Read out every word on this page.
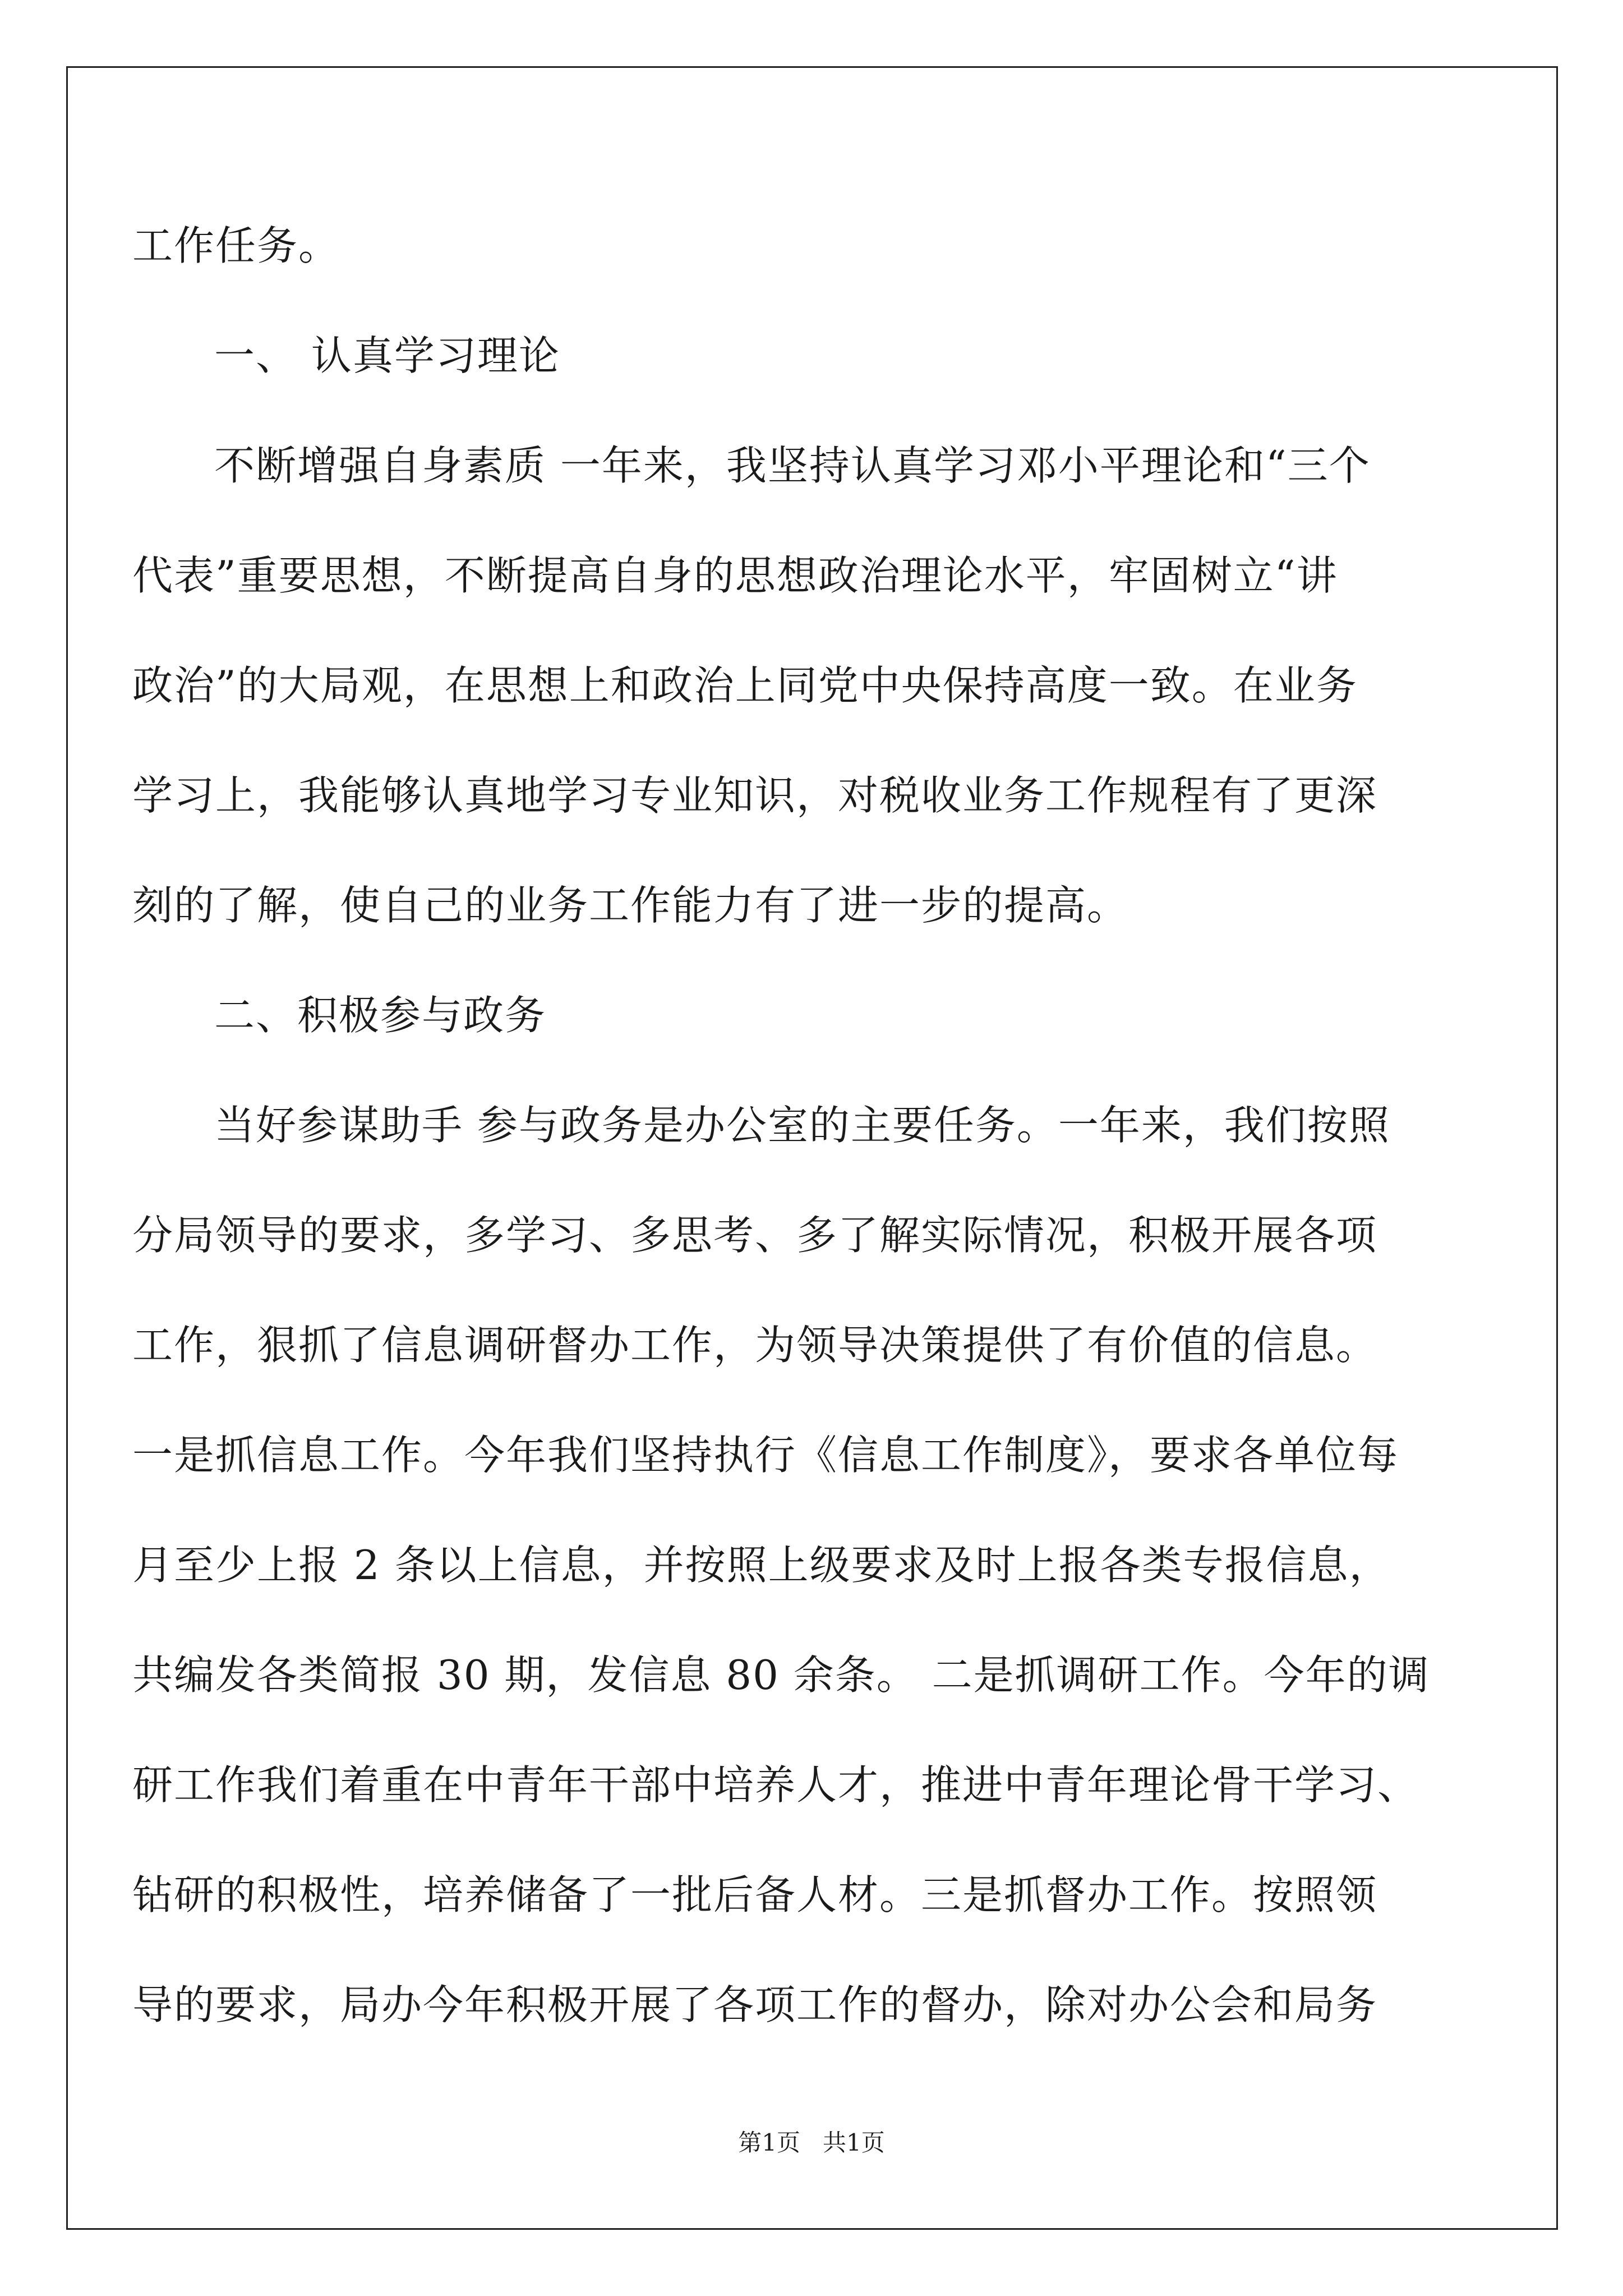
工作任务。
一、 认真学习理论
不断增强自身素质 一年来，我坚持认真学习邓小平理论和“三个
代表”重要思想，不断提高自身的思想政治理论水平，牢固树立“讲
政治”的大局观，在思想上和政治上同党中央保持高度一致。在业务
学习上，我能够认真地学习专业知识，对税收业务工作规程有了更深
刻的了解，使自己的业务工作能力有了进一步的提高。
二、积极参与政务
当好参谋助手 参与政务是办公室的主要任务。一年来，我们按照
分局领导的要求，多学习、多思考、多了解实际情况，积极开展各项
工作，狠抓了信息调研督办工作，为领导决策提供了有价值的信息。
一是抓信息工作。今年我们坚持执行《信息工作制度》，要求各单位每
月至少上报 2 条以上信息，并按照上级要求及时上报各类专报信息，
共编发各类简报 30 期，发信息 80 余条。 二是抓调研工作。今年的调
研工作我们着重在中青年干部中培养人才，推进中青年理论骨干学习、
钻研的积极性，培养储备了一批后备人材。三是抓督办工作。按照领
导的要求，局办今年积极开展了各项工作的督办，除对办公会和局务
第1页   共1页
